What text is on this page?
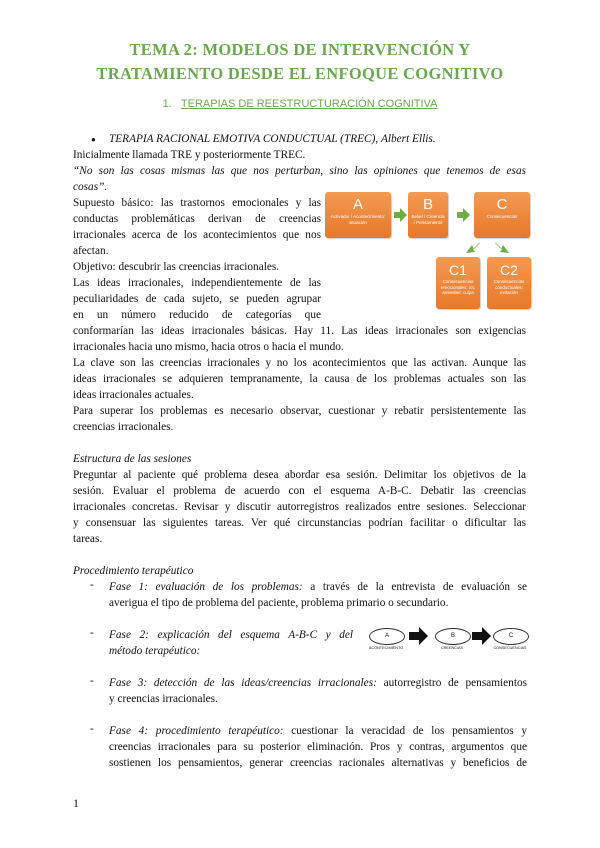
TEMA 2: MODELOS DE INTERVENCIÓN Y
TRATAMIENTO DESDE EL ENFOQUE COGNITIVO
1. TERAPIAS DE REESTRUCTURACIÓN COGNITIVA
● TERAPIA RACIONAL EMOTIVA CONDUCTUAL (TREC), Albert Ellis.
Inicialmente llamada TRE y posteriormente TREC.
“No son las cosas mismas las que nos perturban, sino las opiniones que tenemos de esas
cosas”.
Supuesto básico: las trastornos emocionales y las
conductas problemáticas derivan de creencias
irracionales acerca de los acontecimientos que nos
afectan.
Objetivo: descubrir las creencias irracionales.
Las ideas irracionales, independientemente de las
peculiaridades de cada sujeto, se pueden agrupar
en un número reducido de categorías que
conformarían las ideas irracionales básicas. Hay 11. Las ideas irracionales son exigencias
irracionales hacia uno mismo, hacia otros o hacia el mundo.
La clave son las creencias irracionales y no los acontecimientos que las activan. Aunque las
ideas irracionales se adquieren tempranamente, la causa de los problemas actuales son las
ideas irracionales actuales.
Para superar los problemas es necesario observar, cuestionar y rebatir persistentemente las
creencias irracionales.
A
Activador / Acontecimiento: situación
B
Belief / Creencia / Pensamiento
C
Consecuencias
C1
Consecuencias emocionales: ira, ansiedad, culpa
C2
Consecuencias conductuales: evitación
Estructura de las sesiones
Preguntar al paciente qué problema desea abordar esa sesión. Delimitar los objetivos de la
sesión. Evaluar el problema de acuerdo con el esquema A-B-C. Debatir las creencias
irracionales concretas. Revisar y discutir autorregistros realizados entre sesiones. Seleccionar
y consensuar las siguientes tareas. Ver qué circunstancias podrían facilitar o dificultar las
tareas.
Procedimiento terapéutico
- Fase 1: evaluación de los problemas: a través de la entrevista de evaluación se
averigua el tipo de problema del paciente, problema primario o secundario.
- Fase 2: explicación del esquema A-B-C y del
método terapéutico:
A
ACONTECIMIENTO
B
CREENCIAS
C
CONSECUENCIAS
- Fase 3: detección de las ideas/creencias irracionales: autorregistro de pensamientos
y creencias irracionales.
- Fase 4: procedimiento terapéutico: cuestionar la veracidad de los pensamientos y
creencias irracionales para su posterior eliminación. Pros y contras, argumentos que
sostienen los pensamientos, generar creencias racionales alternativas y beneficios de
1
